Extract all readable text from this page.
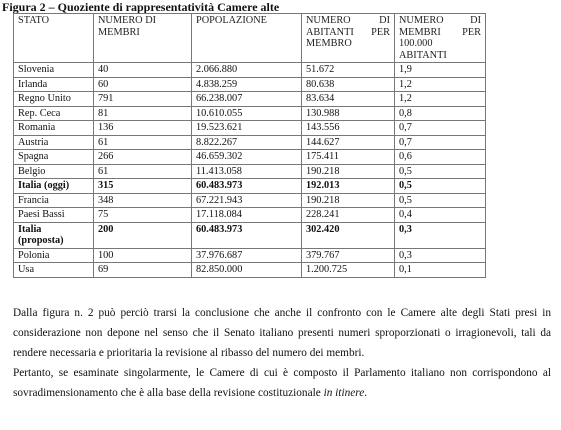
Figura 2 – Quoziente di rappresentatività Camere alte
STATO	NUMERO DI MEMBRI	POPOLAZIONE	NUMERO DI ABITANTI PER MEMBRO	NUMERO DI MEMBRI PER 100.000 ABITANTI
Slovenia	40	2.066.880	51.672	1,9
Irlanda	60	4.838.259	80.638	1,2
Regno Unito	791	66.238.007	83.634	1,2
Rep. Ceca	81	10.610.055	130.988	0,8
Romania	136	19.523.621	143.556	0,7
Austria	61	8.822.267	144.627	0,7
Spagna	266	46.659.302	175.411	0,6
Belgio	61	11.413.058	190.218	0,5
Italia (oggi)	315	60.483.973	192.013	0,5
Francia	348	67.221.943	190.218	0,5
Paesi Bassi	75	17.118.084	228.241	0,4
Italia (proposta)	200	60.483.973	302.420	0,3
Polonia	100	37.976.687	379.767	0,3
Usa	69	82.850.000	1.200.725	0,1
Dalla figura n. 2 può perciò trarsi la conclusione che anche il confronto con le Camere alte degli Stati presi in considerazione non depone nel senso che il Senato italiano presenti numeri sproporzionati o irragionevoli, tali da rendere necessaria e prioritaria la revisione al ribasso del numero dei membri.
Pertanto, se esaminate singolarmente, le Camere di cui è composto il Parlamento italiano non corrispondono al sovradimensionamento che è alla base della revisione costituzionale in itinere.
